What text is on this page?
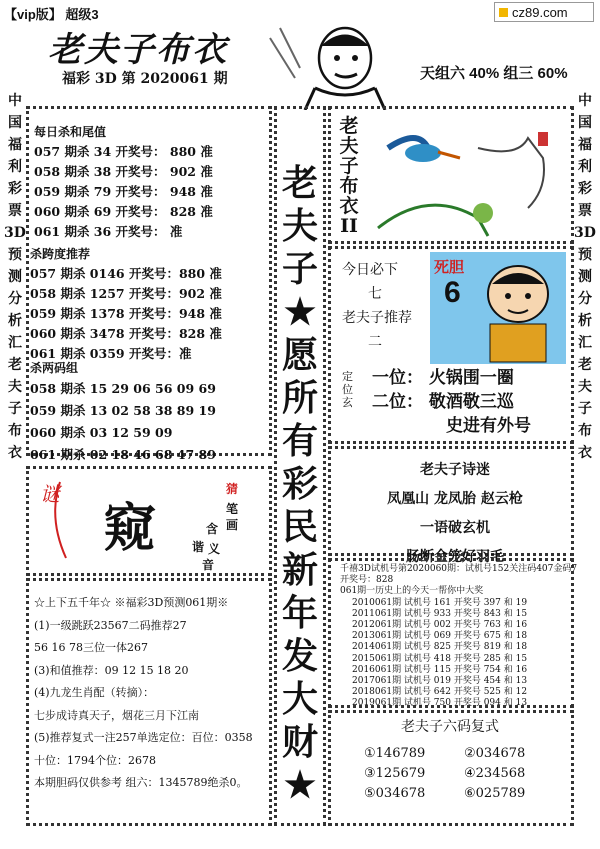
【vip版】 超级3	cz89.com
老夫子布衣
福彩 3D 第 2020061 期	天组六 40% 组三 60%
中国福利彩票3D预测分析汇老夫子布衣
中国福利彩票3D预测分析汇老夫子布衣
每日杀和尾值
057 期杀 34 开奖号： 880 准
058 期杀 38 开奖号： 902 准
059 期杀 79 开奖号： 948 准
060 期杀 69 开奖号： 828 准
061 期杀 36 开奖号： 准
杀跨度推荐
057 期杀 0146 开奖号：880 准
058 期杀 1257 开奖号：902 准
059 期杀 1378 开奖号：948 准
060 期杀 3478 开奖号：828 准
061 期杀 0359 开奖号：准
杀两码组
058 期杀 15 29 06 56 09 69
059 期杀 13 02 58 38 89 19
060 期杀 03 12 59 09
061 期杀 02 18 46 68 47 89
老
夫
子
★
愿
所
有
彩
民
新
年
发
大
财
★
老
夫
子
布
衣
II
今日必下
七
老夫子推荐
二
死胆
6
定位玄
一位： 火锅围一圈
二位： 敬酒敬三巡
史进有外号
谜
窥
猜
笔
画
含
谐 义
音
☆上下五千年☆ ※福彩3D预测061期※
(1)一级跳跃23567二码推荐27
56 16 78三位一体267
(3)和值推荐：09 12 15 18 20
(4)九龙生肖配（转摘）：
七步成诗真天子，烟花三月下江南
(5)推荐复式一注257单选定位：百位：0358
十位：1794个位：2678
本期胆码仅供参考 组六：1345789绝杀0。
老夫子诗迷
凤凰山 龙凤胎 赵云枪
一语破玄机
肠断金笼好羽毛
千禧3D试机号第2020060期：试机号152关注码407金码7
开奖号：828
061期一历史上的今天一帮你中大奖
2010061期 试机号 161 开奖号 397 和 19
2011061期 试机号 933 开奖号 843 和 15
2012061期 试机号 002 开奖号 763 和 16
2013061期 试机号 069 开奖号 675 和 18
2014061期 试机号 825 开奖号 819 和 18
2015061期 试机号 418 开奖号 285 和 15
2016061期 试机号 115 开奖号 754 和 16
2017061期 试机号 019 开奖号 454 和 13
2018061期 试机号 642 开奖号 525 和 12
2019061期 试机号 750 开奖号 094 和 13
老夫子六码复式
①146789
③125679
⑤034678
②034678
④234568
⑥025789
